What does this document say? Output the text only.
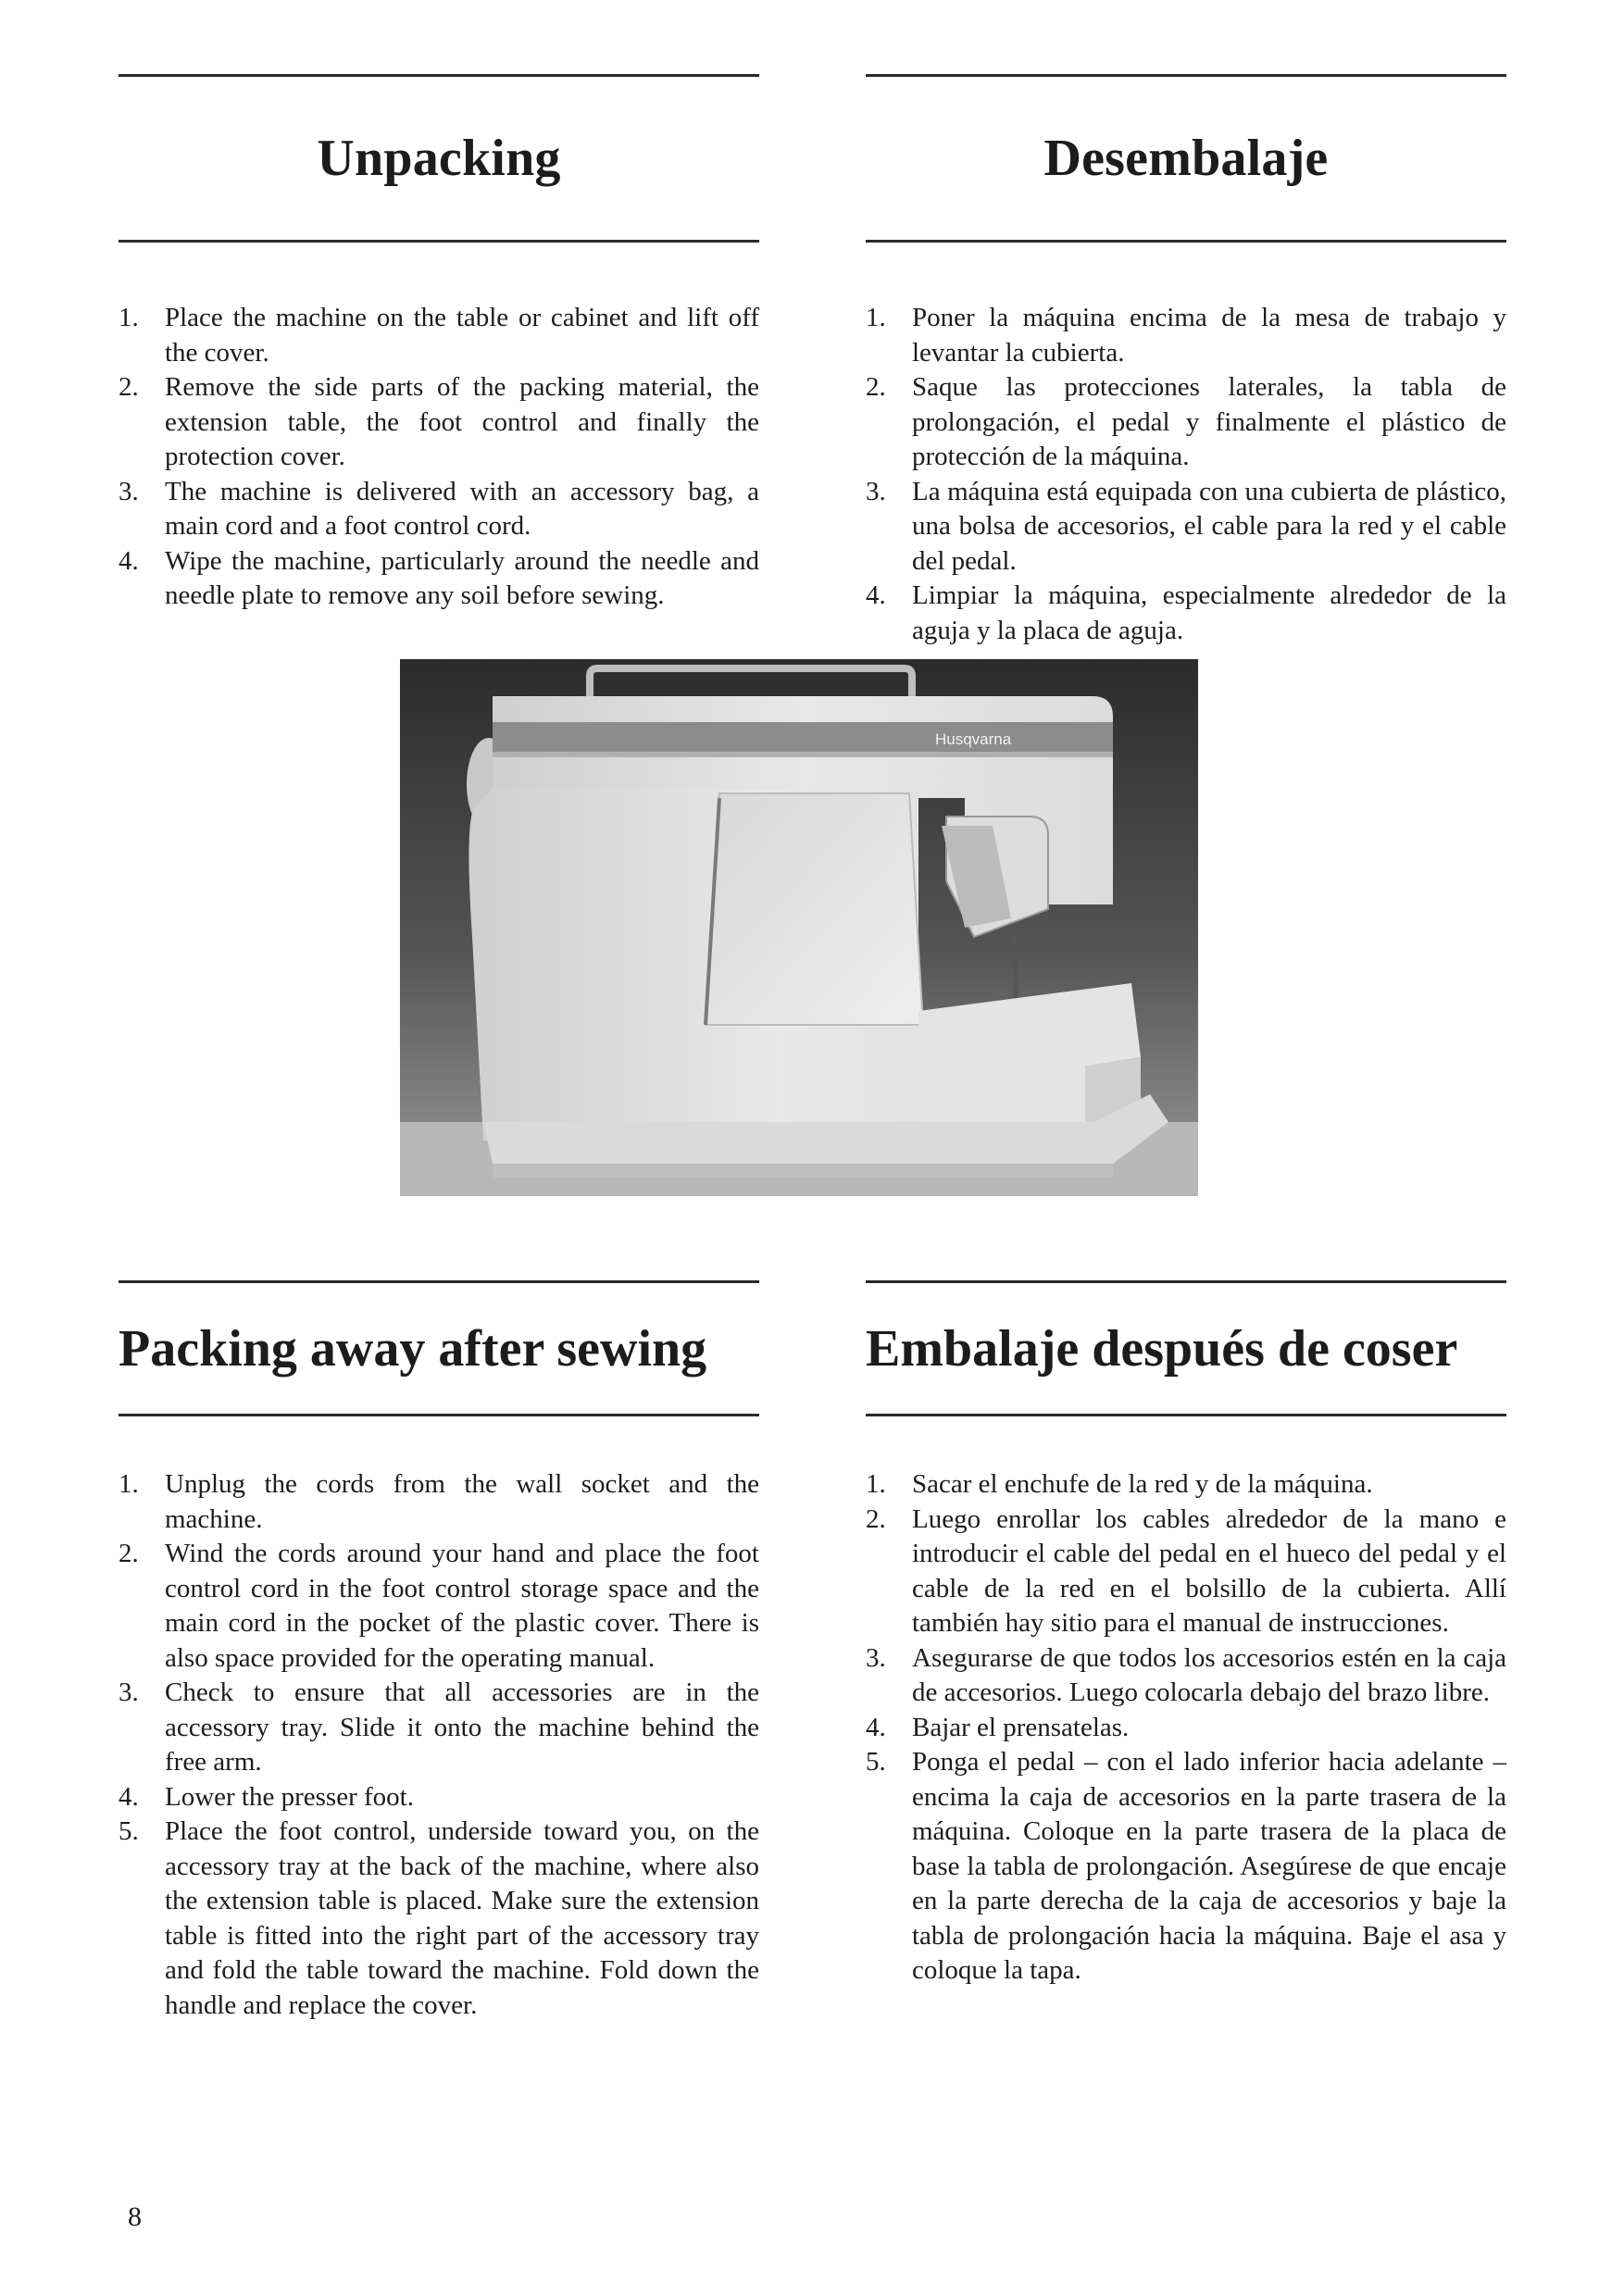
Unpacking
1. Place the machine on the table or cabinet and lift off the cover.
2. Remove the side parts of the packing material, the extension table, the foot control and finally the protection cover.
3. The machine is delivered with an accessory bag, a main cord and a foot control cord.
4. Wipe the machine, particularly around the needle and needle plate to remove any soil before sewing.
Desembalaje
1. Poner la máquina encima de la mesa de trabajo y levantar la cubierta.
2. Saque las protecciones laterales, la tabla de prolongación, el pedal y finalmente el plástico de protección de la máquina.
3. La máquina está equipada con una cubierta de plástico, una bolsa de accesorios, el cable para la red y el cable del pedal.
4. Limpiar la máquina, especialmente alrededor de la aguja y la placa de aguja.
Husqvarna
Packing away after sewing
1. Unplug the cords from the wall socket and the machine.
2. Wind the cords around your hand and place the foot control cord in the foot control storage space and the main cord in the pocket of the plastic cover. There is also space provided for the operating manual.
3. Check to ensure that all accessories are in the accessory tray. Slide it onto the machine behind the free arm.
4. Lower the presser foot.
5. Place the foot control, underside toward you, on the accessory tray at the back of the machine, where also the extension table is placed. Make sure the extension table is fitted into the right part of the accessory tray and fold the table toward the machine. Fold down the handle and replace the cover.
Embalaje después de coser
1. Sacar el enchufe de la red y de la máquina.
2. Luego enrollar los cables alrededor de la mano e introducir el cable del pedal en el hueco del pedal y el cable de la red en el bolsillo de la cubierta. Allí también hay sitio para el manual de instrucciones.
3. Asegurarse de que todos los accesorios estén en la caja de accesorios. Luego colocarla debajo del brazo libre.
4. Bajar el prensatelas.
5. Ponga el pedal – con el lado inferior hacia adelante – encima la caja de accesorios en la parte trasera de la máquina. Coloque en la parte trasera de la placa de base la tabla de prolongación. Asegúrese de que encaje en la parte derecha de la caja de accesorios y baje la tabla de prolongación hacia la máquina. Baje el asa y coloque la tapa.
8
